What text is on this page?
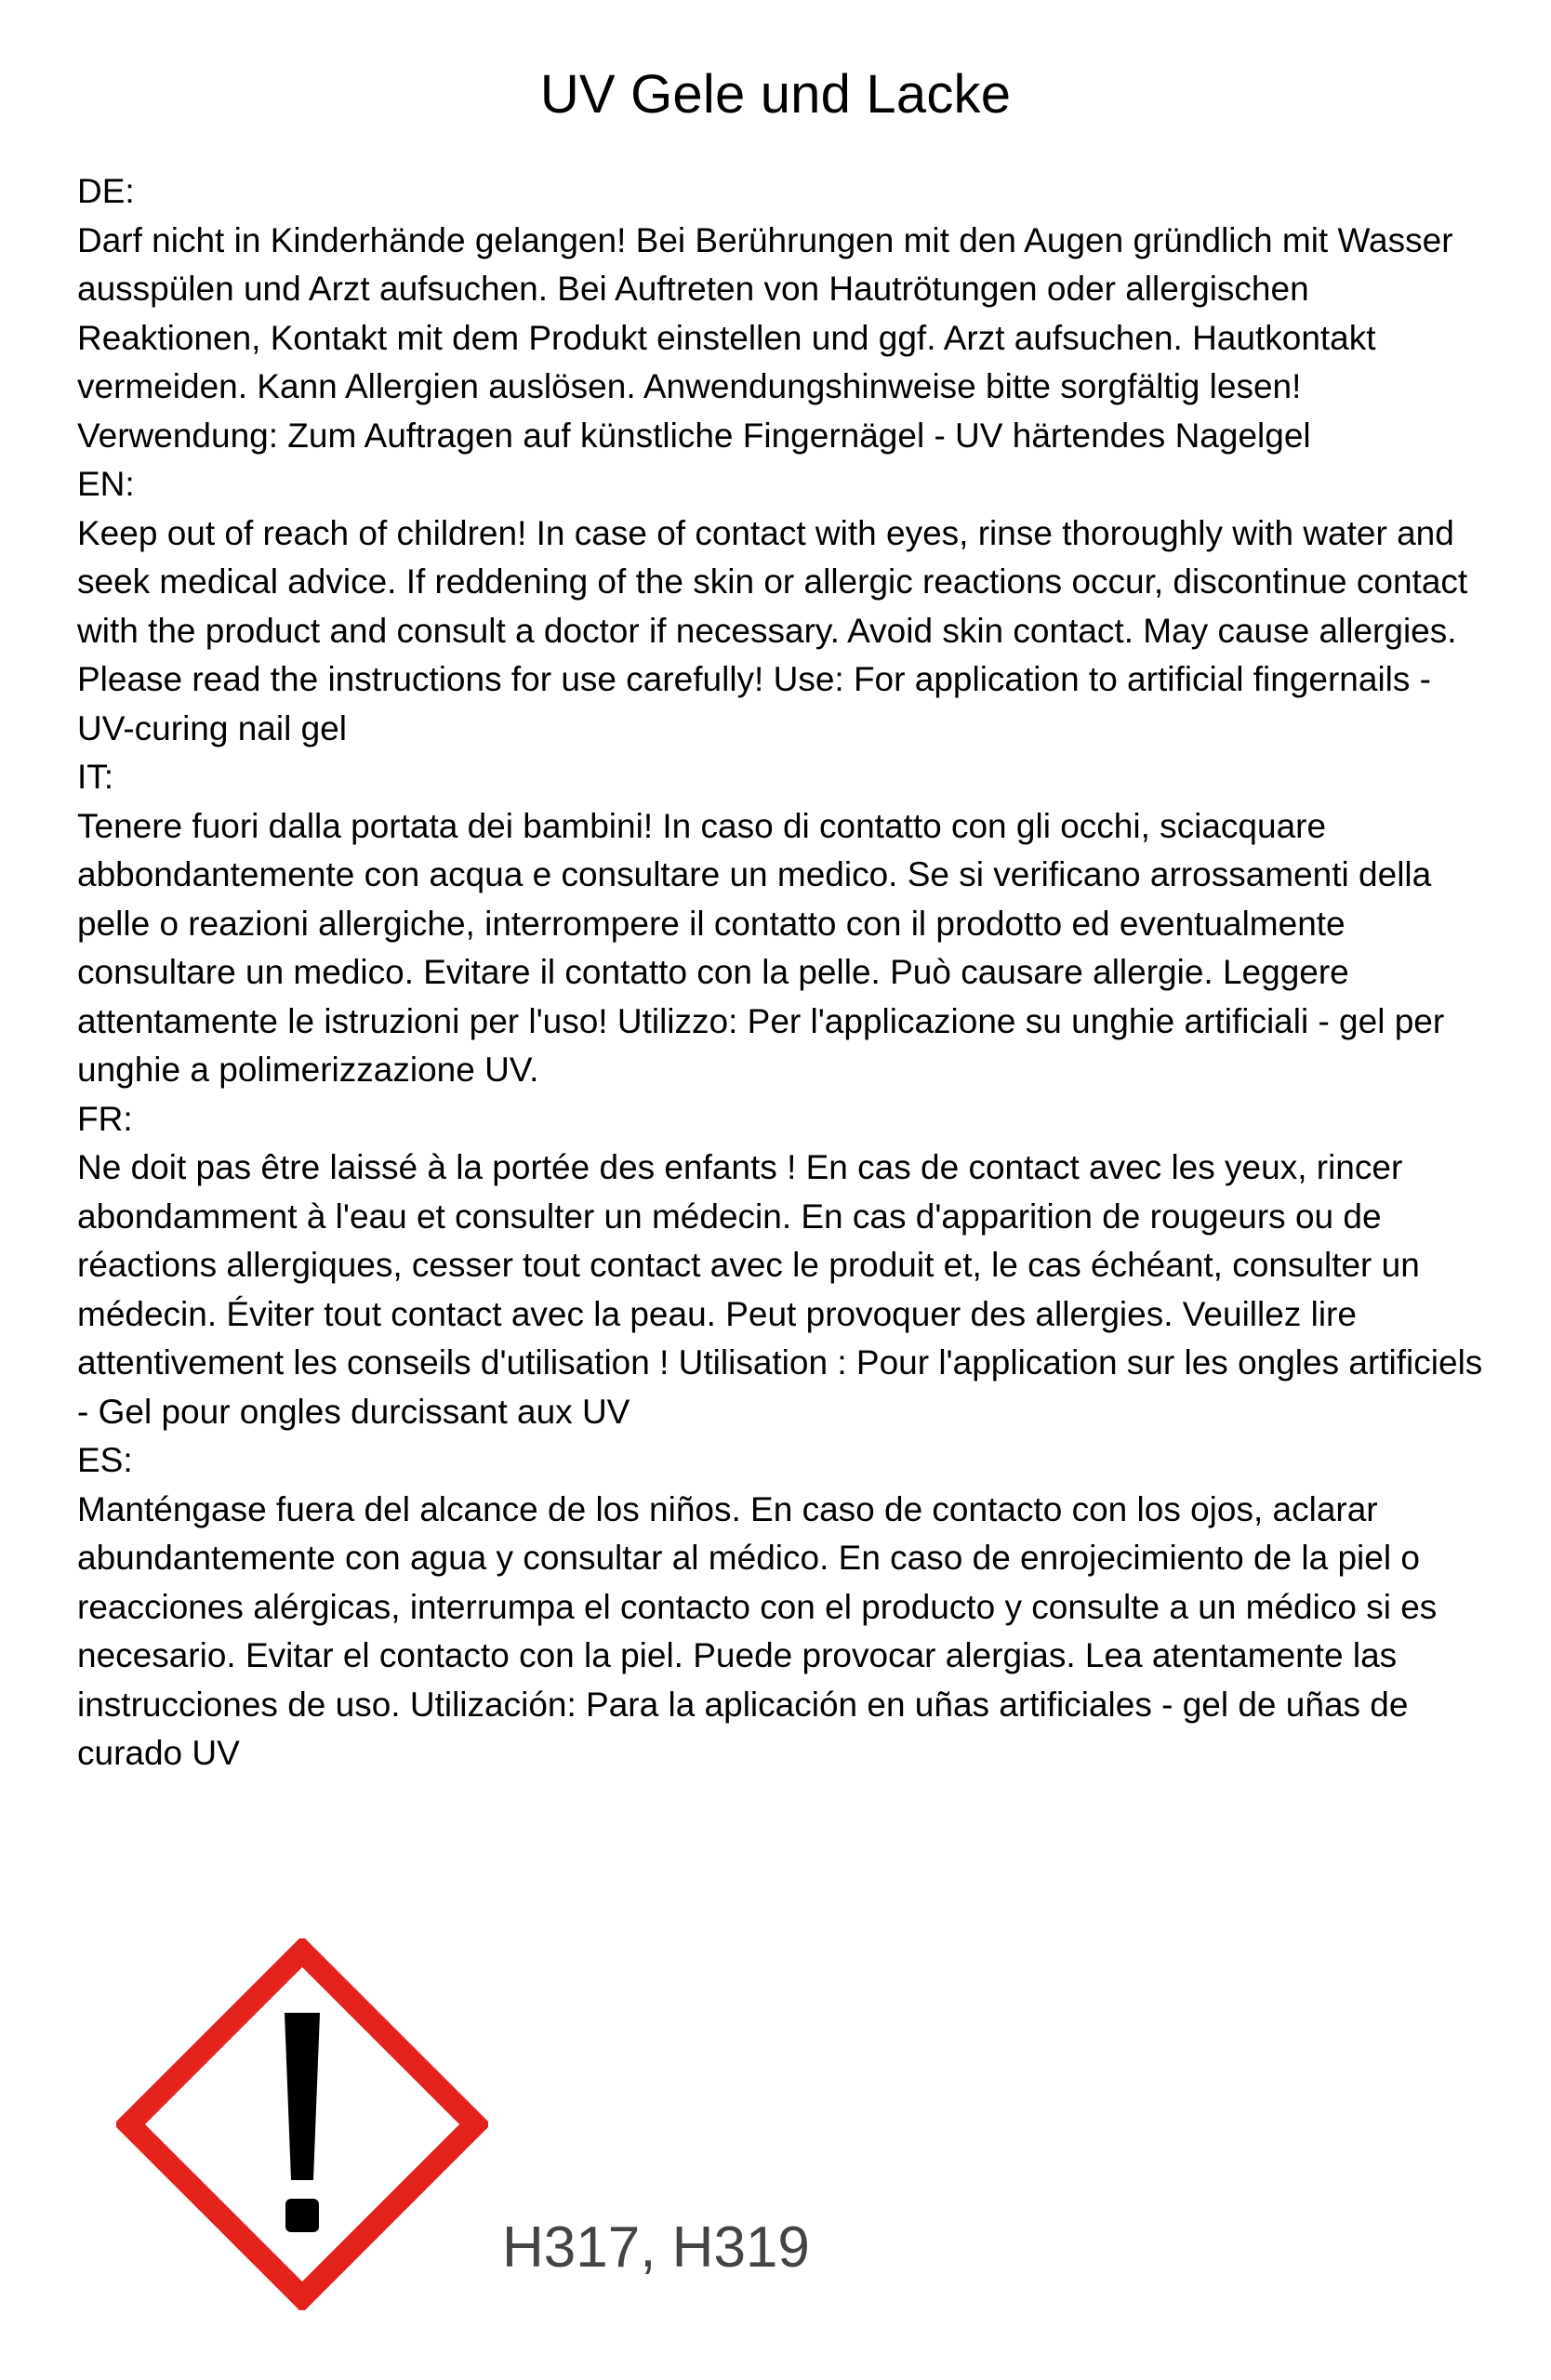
UV Gele und Lacke

DE:

Darf nicht in Kinderhände gelangen! Bei Berührungen mit den Augen gründlich mit Wasser ausspülen und Arzt aufsuchen. Bei Auftreten von Hautrötungen oder allergischen Reaktionen, Kontakt mit dem Produkt einstellen und ggf. Arzt aufsuchen. Hautkontakt vermeiden. Kann Allergien auslösen. Anwendungshinweise bitte sorgfältig lesen! Verwendung: Zum Auftragen auf künstliche Fingernägel - UV härtendes Nagelgel

EN:

Keep out of reach of children! In case of contact with eyes, rinse thoroughly with water and seek medical advice. If reddening of the skin or allergic reactions occur, discontinue contact with the product and consult a doctor if necessary. Avoid skin contact. May cause allergies. Please read the instructions for use carefully! Use: For application to artificial fingernails - UV-curing nail gel

IT:

Tenere fuori dalla portata dei bambini! In caso di contatto con gli occhi, sciacquare abbondantemente con acqua e consultare un medico. Se si verificano arrossamenti della pelle o reazioni allergiche, interrompere il contatto con il prodotto ed eventualmente consultare un medico. Evitare il contatto con la pelle. Può causare allergie. Leggere attentamente le istruzioni per l'uso! Utilizzo: Per l'applicazione su unghie artificiali - gel per unghie a polimerizzazione UV.

FR:

Ne doit pas être laissé à la portée des enfants ! En cas de contact avec les yeux, rincer abondamment à l'eau et consulter un médecin. En cas d'apparition de rougeurs ou de réactions allergiques, cesser tout contact avec le produit et, le cas échéant, consulter un médecin. Éviter tout contact avec la peau. Peut provoquer des allergies. Veuillez lire attentivement les conseils d'utilisation ! Utilisation : Pour l'application sur les ongles artificiels - Gel pour ongles durcissant aux UV

ES:

Manténgase fuera del alcance de los niños. En caso de contacto con los ojos, aclarar abundantemente con agua y consultar al médico. En caso de enrojecimiento de la piel o reacciones alérgicas, interrumpa el contacto con el producto y consulte a un médico si es necesario. Evitar el contacto con la piel. Puede provocar alergias. Lea atentamente las instrucciones de uso. Utilización: Para la aplicación en uñas artificiales - gel de uñas de curado UV

H317, H319
